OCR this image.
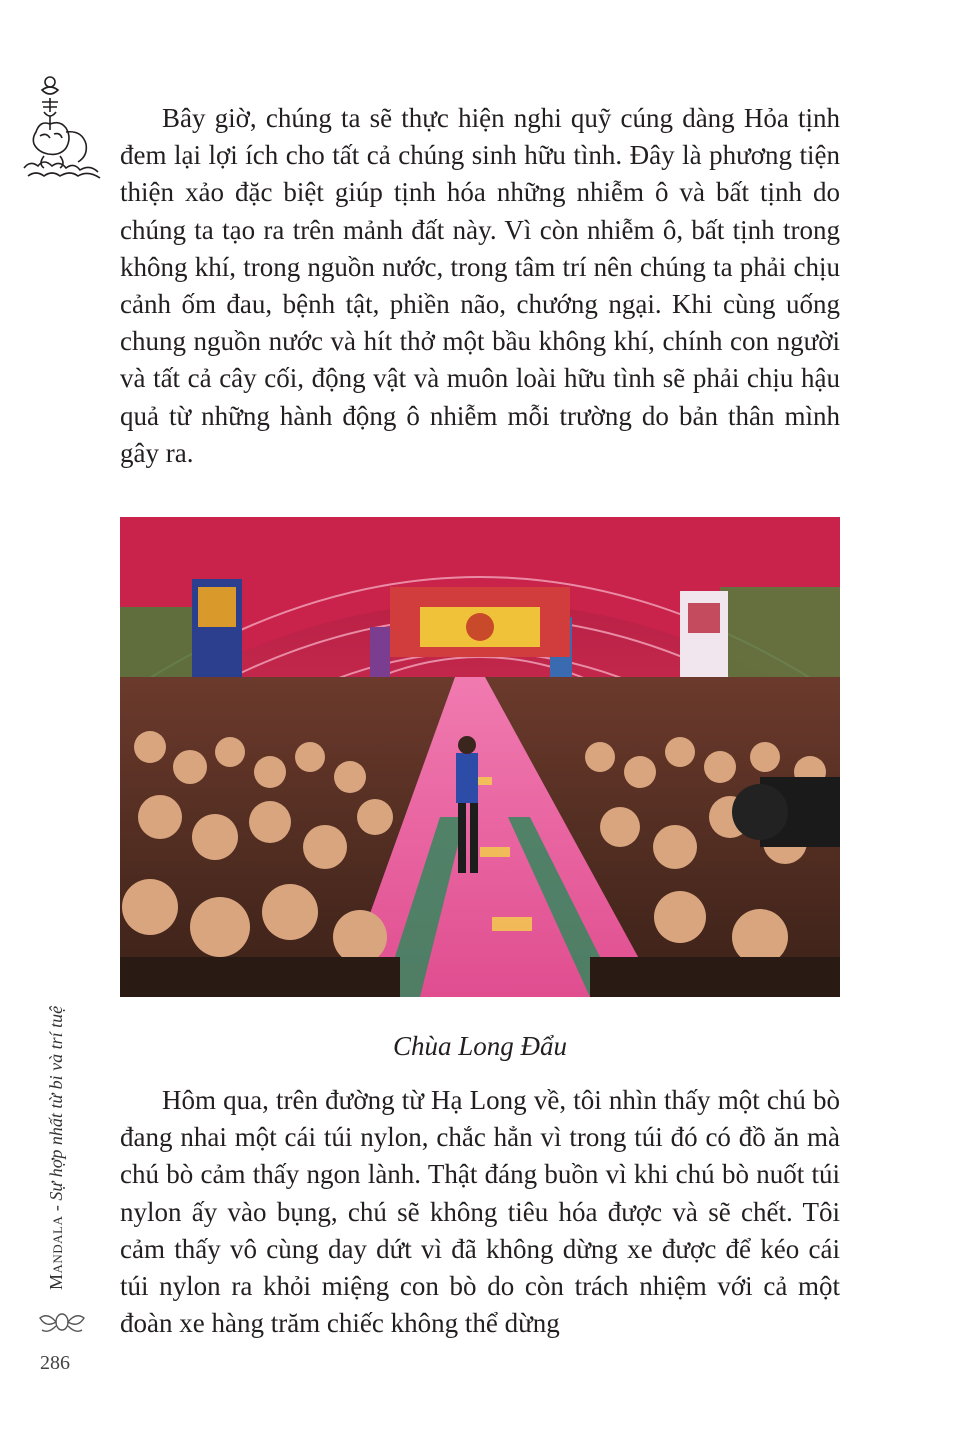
Bây giờ, chúng ta sẽ thực hiện nghi quỹ cúng dàng Hỏa tịnh đem lại lợi ích cho tất cả chúng sinh hữu tình. Đây là phương tiện thiện xảo đặc biệt giúp tịnh hóa những nhiễm ô và bất tịnh do chúng ta tạo ra trên mảnh đất này. Vì còn nhiễm ô, bất tịnh trong không khí, trong nguồn nước, trong tâm trí nên chúng ta phải chịu cảnh ốm đau, bệnh tật, phiền não, chướng ngại. Khi cùng uống chung nguồn nước và hít thở một bầu không khí, chính con người và tất cả cây cối, động vật và muôn loài hữu tình sẽ phải chịu hậu quả từ những hành động ô nhiễm mỗi trường do bản thân mình gây ra.

Chùa Long Đẩu

Hôm qua, trên đường từ Hạ Long về, tôi nhìn thấy một chú bò đang nhai một cái túi nylon, chắc hẳn vì trong túi đó có đồ ăn mà chú bò cảm thấy ngon lành. Thật đáng buồn vì khi chú bò nuốt túi nylon ấy vào bụng, chú sẽ không tiêu hóa được và sẽ chết. Tôi cảm thấy vô cùng day dứt vì đã không dừng xe được để kéo cái túi nylon ra khỏi miệng con bò do còn trách nhiệm với cả một đoàn xe hàng trăm chiếc không thể dừng

Mandala - Sự hợp nhất từ bi và trí tuệ
286
